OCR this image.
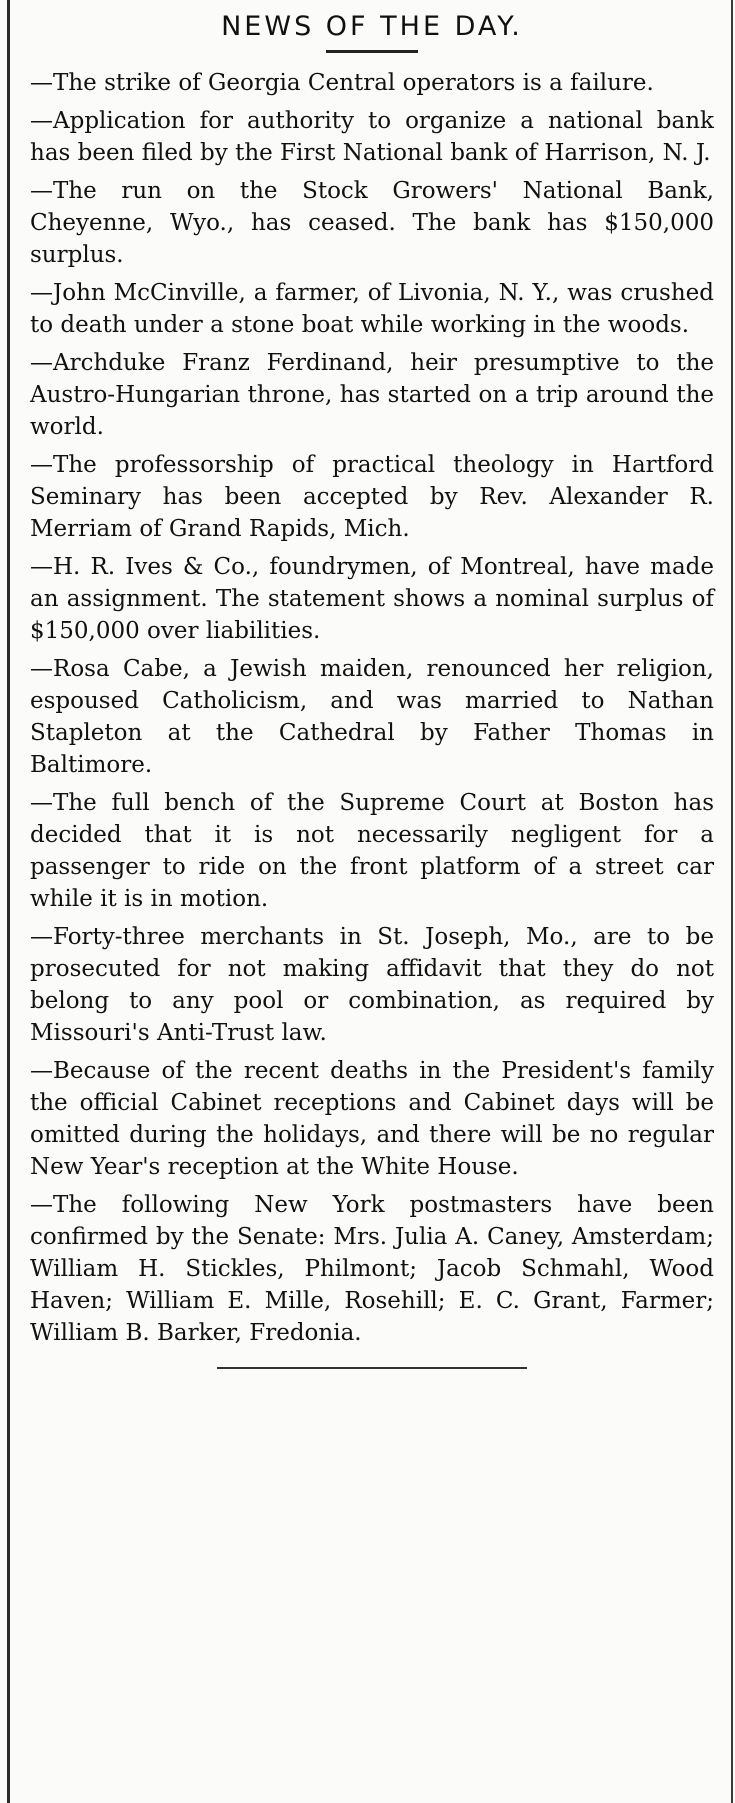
NEWS OF THE DAY.

—The strike of Georgia Central operators is a failure.

—Application for authority to organize a national bank has been filed by the First National bank of Harrison, N. J.

—The run on the Stock Growers' National Bank, Cheyenne, Wyo., has ceased. The bank has $150,000 surplus.

—John McCinville, a farmer, of Livonia, N. Y., was crushed to death under a stone boat while working in the woods.

—Archduke Franz Ferdinand, heir presumptive to the Austro-Hungarian throne, has started on a trip around the world.

—The professorship of practical theology in Hartford Seminary has been accepted by Rev. Alexander R. Merriam of Grand Rapids, Mich.

—H. R. Ives & Co., foundrymen, of Montreal, have made an assignment. The statement shows a nominal surplus of $150,000 over liabilities.

—Rosa Cabe, a Jewish maiden, renounced her religion, espoused Catholicism, and was married to Nathan Stapleton at the Cathedral by Father Thomas in Baltimore.

—The full bench of the Supreme Court at Boston has decided that it is not necessarily negligent for a passenger to ride on the front platform of a street car while it is in motion.

—Forty-three merchants in St. Joseph, Mo., are to be prosecuted for not making affidavit that they do not belong to any pool or combination, as required by Missouri's Anti-Trust law.

—Because of the recent deaths in the President's family the official Cabinet receptions and Cabinet days will be omitted during the holidays, and there will be no regular New Year's reception at the White House.

—The following New York postmasters have been confirmed by the Senate: Mrs. Julia A. Caney, Amsterdam; William H. Stickles, Philmont; Jacob Schmahl, Wood Haven; William E. Mille, Rosehill; E. C. Grant, Farmer; William B. Barker, Fredonia.
